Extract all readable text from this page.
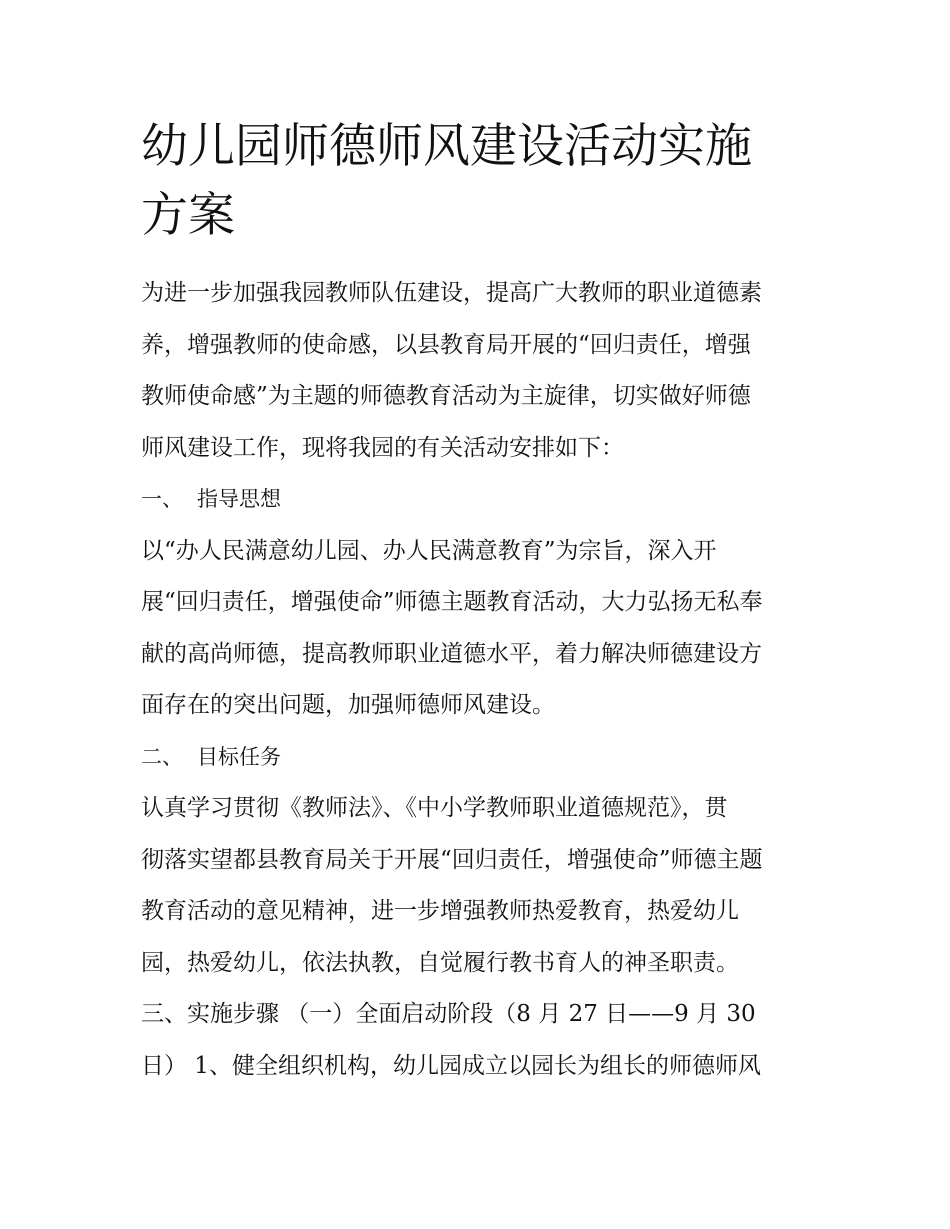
幼儿园师德师风建设活动实施
方案
为进一步加强我园教师队伍建设，提高广大教师的职业道德素
养，增强教师的使命感，以县教育局开展的“回归责任，增强
教师使命感”为主题的师德教育活动为主旋律，切实做好师德
师风建设工作，现将我园的有关活动安排如下：
一、 指导思想
以“办人民满意幼儿园、办人民满意教育”为宗旨，深入开
展“回归责任，增强使命”师德主题教育活动，大力弘扬无私奉
献的高尚师德，提高教师职业道德水平，着力解决师德建设方
面存在的突出问题，加强师德师风建设。
二、 目标任务
认真学习贯彻《教师法》、《中小学教师职业道德规范》，贯
彻落实望都县教育局关于开展“回归责任，增强使命”师德主题
教育活动的意见精神，进一步增强教师热爱教育，热爱幼儿
园，热爱幼儿，依法执教，自觉履行教书育人的神圣职责。
三、实施步骤 （一）全面启动阶段（8 月 27 日——9 月 30
日） 1、健全组织机构，幼儿园成立以园长为组长的师德师风
